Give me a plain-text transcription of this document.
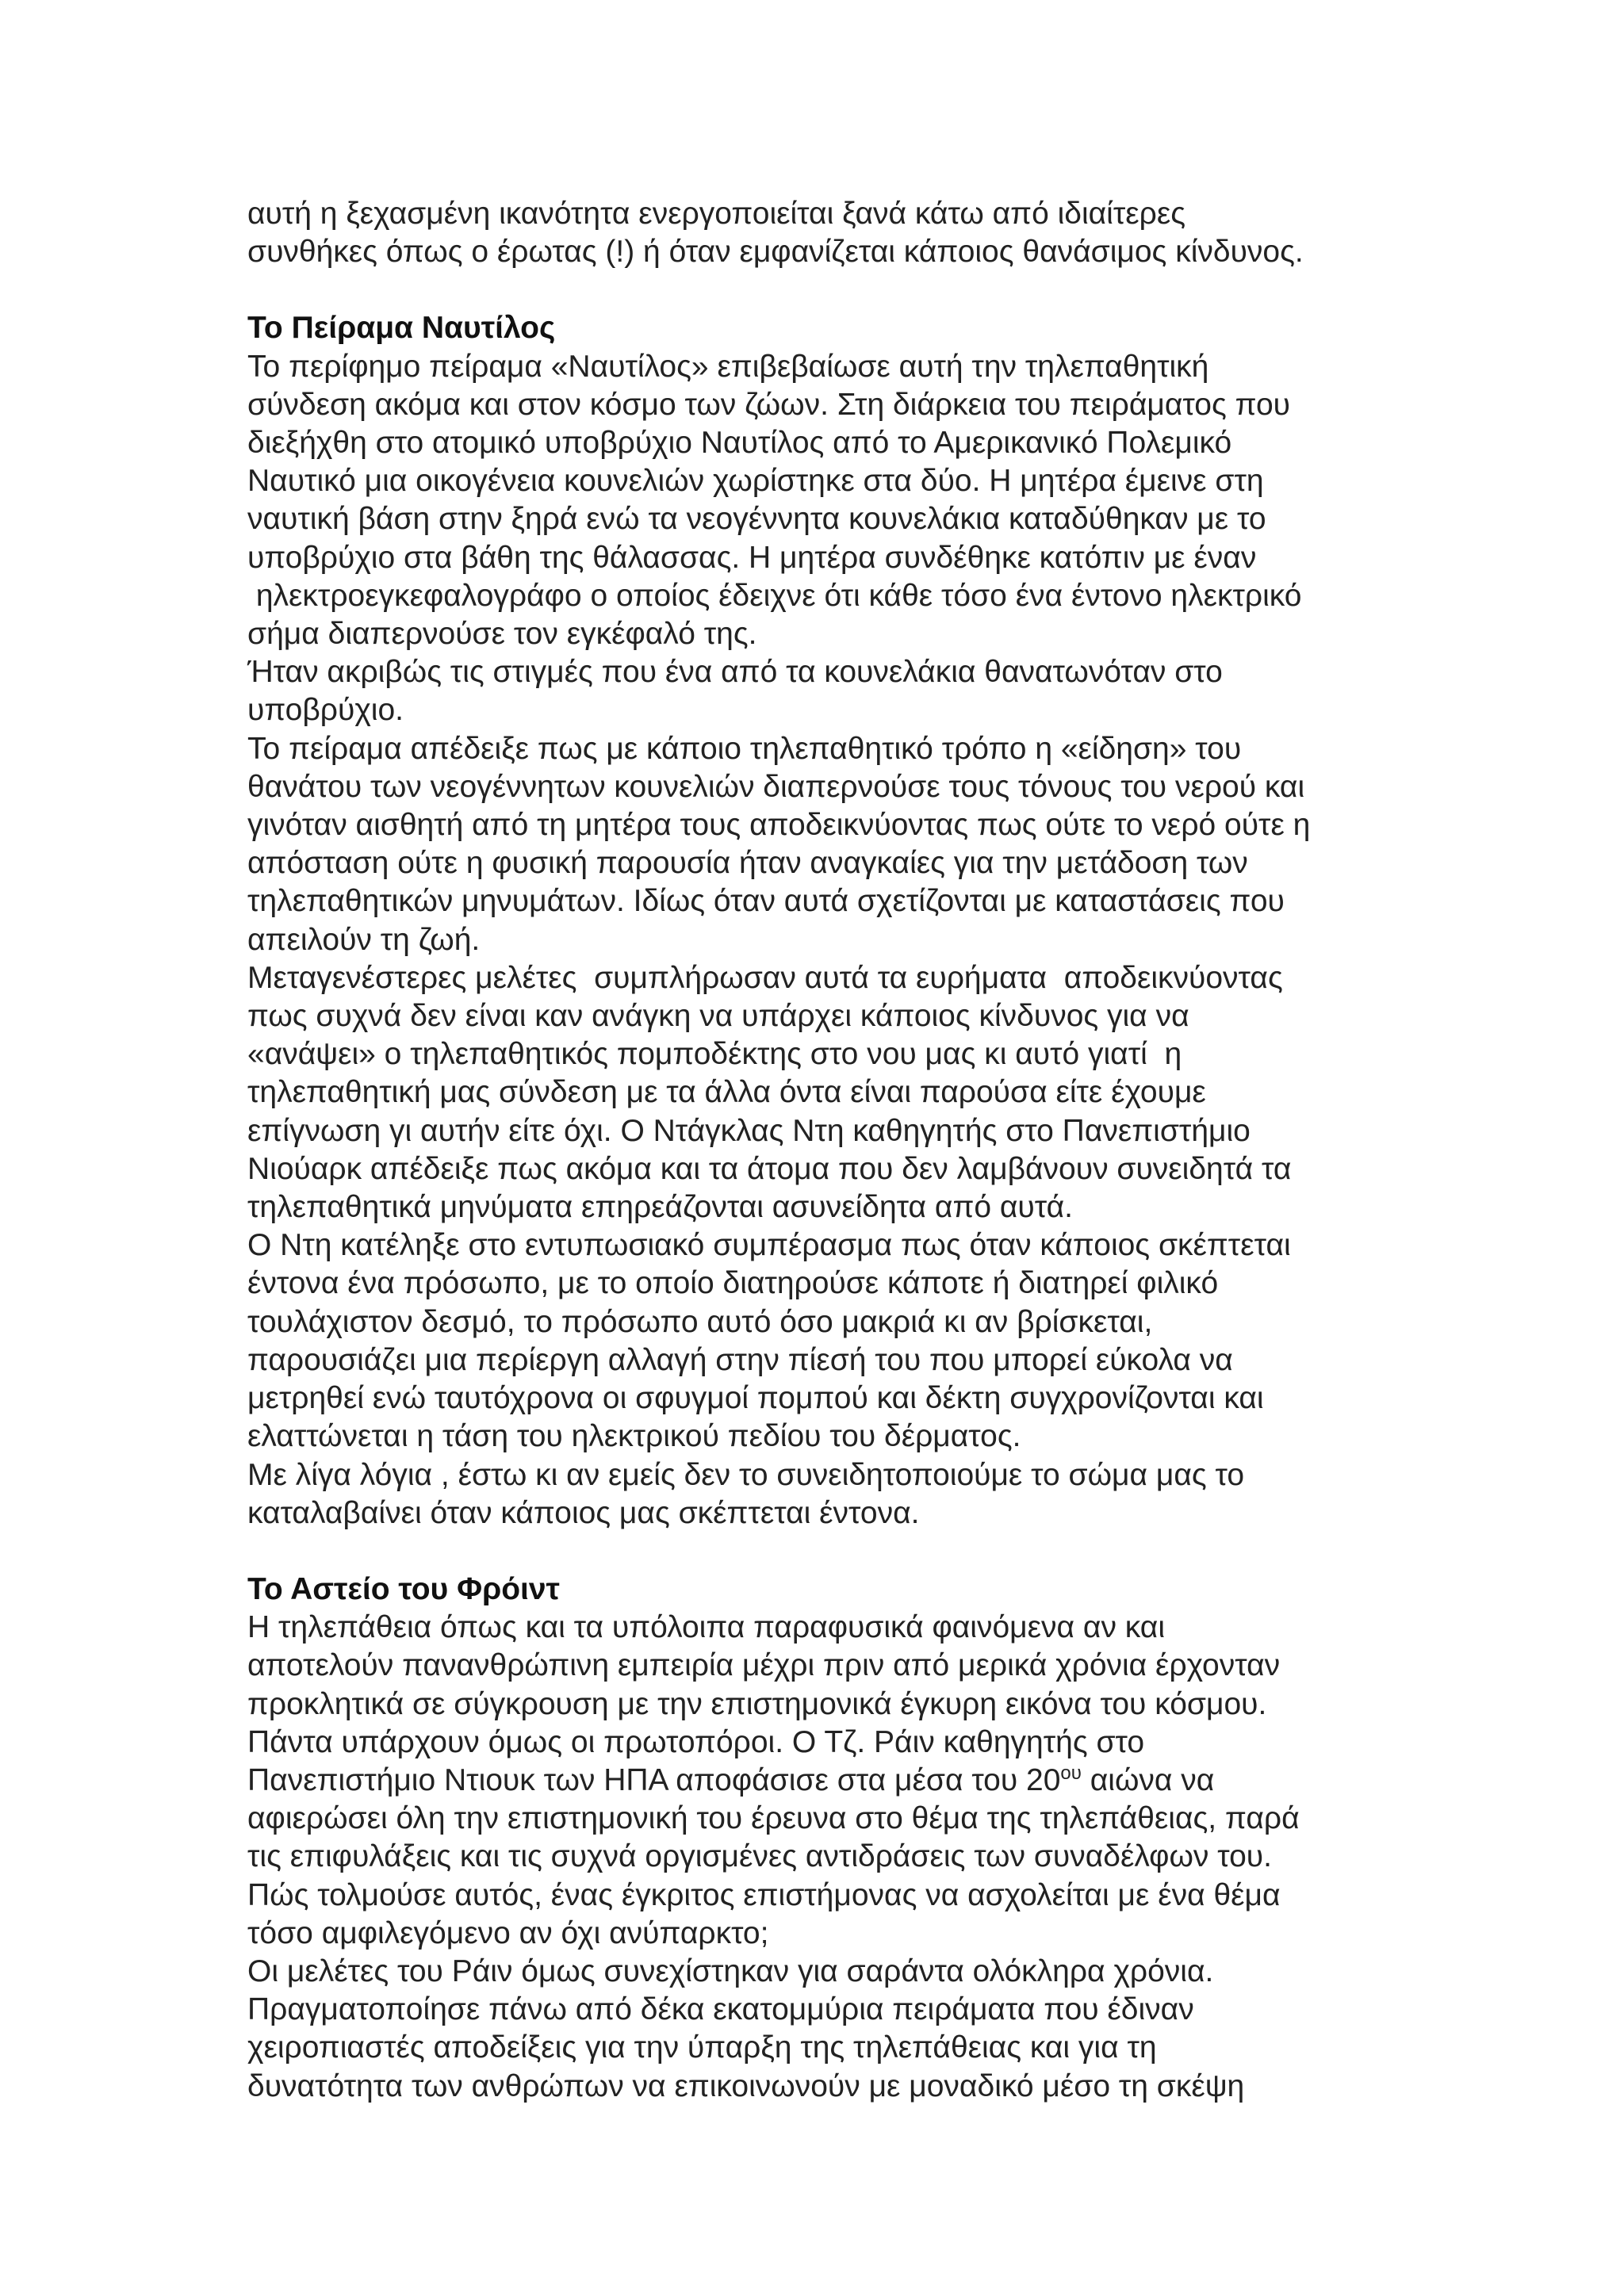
αυτή η ξεχασμένη ικανότητα ενεργοποιείται ξανά κάτω από ιδιαίτερες
συνθήκες όπως ο έρωτας (!) ή όταν εμφανίζεται κάποιος θανάσιμος κίνδυνος.
Το Πείραμα Ναυτίλος
Το περίφημο πείραμα «Ναυτίλος» επιβεβαίωσε αυτή την τηλεπαθητική
σύνδεση ακόμα και στον κόσμο των ζώων. Στη διάρκεια του πειράματος που
διεξήχθη στο ατομικό υποβρύχιο Ναυτίλος από το Αμερικανικό Πολεμικό
Ναυτικό μια οικογένεια κουνελιών χωρίστηκε στα δύο. Η μητέρα έμεινε στη
ναυτική βάση στην ξηρά ενώ τα νεογέννητα κουνελάκια καταδύθηκαν με το
υποβρύχιο στα βάθη της θάλασσας. Η μητέρα συνδέθηκε κατόπιν με έναν
ηλεκτροεγκεφαλογράφο ο οποίος έδειχνε ότι κάθε τόσο ένα έντονο ηλεκτρικό
σήμα διαπερνούσε τον εγκέφαλό της.
Ήταν ακριβώς τις στιγμές που ένα από τα κουνελάκια θανατωνόταν στο
υποβρύχιο.
Το πείραμα απέδειξε πως με κάποιο τηλεπαθητικό τρόπο η «είδηση» του
θανάτου των νεογέννητων κουνελιών διαπερνούσε τους τόνους του νερού και
γινόταν αισθητή από τη μητέρα τους αποδεικνύοντας πως ούτε το νερό ούτε η
απόσταση ούτε η φυσική παρουσία ήταν αναγκαίες για την μετάδοση των
τηλεπαθητικών μηνυμάτων. Ιδίως όταν αυτά σχετίζονται με καταστάσεις που
απειλούν τη ζωή.
Μεταγενέστερες μελέτες  συμπλήρωσαν αυτά τα ευρήματα  αποδεικνύοντας
πως συχνά δεν είναι καν ανάγκη να υπάρχει κάποιος κίνδυνος για να
«ανάψει» ο τηλεπαθητικός πομποδέκτης στο νου μας κι αυτό γιατί  η
τηλεπαθητική μας σύνδεση με τα άλλα όντα είναι παρούσα είτε έχουμε
επίγνωση γι αυτήν είτε όχι. Ο Ντάγκλας Ντη καθηγητής στο Πανεπιστήμιο
Νιούαρκ απέδειξε πως ακόμα και τα άτομα που δεν λαμβάνουν συνειδητά τα
τηλεπαθητικά μηνύματα επηρεάζονται ασυνείδητα από αυτά.
Ο Ντη κατέληξε στο εντυπωσιακό συμπέρασμα πως όταν κάποιος σκέπτεται
έντονα ένα πρόσωπο, με το οποίο διατηρούσε κάποτε ή διατηρεί φιλικό
τουλάχιστον δεσμό, το πρόσωπο αυτό όσο μακριά κι αν βρίσκεται,
παρουσιάζει μια περίεργη αλλαγή στην πίεσή του που μπορεί εύκολα να
μετρηθεί ενώ ταυτόχρονα οι σφυγμοί πομπού και δέκτη συγχρονίζονται και
ελαττώνεται η τάση του ηλεκτρικού πεδίου του δέρματος.
Με λίγα λόγια , έστω κι αν εμείς δεν το συνειδητοποιούμε το σώμα μας το
καταλαβαίνει όταν κάποιος μας σκέπτεται έντονα.
Το Αστείο του Φρόιντ
Η τηλεπάθεια όπως και τα υπόλοιπα παραφυσικά φαινόμενα αν και
αποτελούν πανανθρώπινη εμπειρία μέχρι πριν από μερικά χρόνια έρχονταν
προκλητικά σε σύγκρουση με την επιστημονικά έγκυρη εικόνα του κόσμου.
Πάντα υπάρχουν όμως οι πρωτοπόροι. Ο Τζ. Ράιν καθηγητής στο
Πανεπιστήμιο Ντιουκ των ΗΠΑ αποφάσισε στα μέσα του $20^{o\upsilon}$ αιώνα να
αφιερώσει όλη την επιστημονική του έρευνα στο θέμα της τηλεπάθειας, παρά
τις επιφυλάξεις και τις συχνά οργισμένες αντιδράσεις των συναδέλφων του.
Πώς τολμούσε αυτός, ένας έγκριτος επιστήμονας να ασχολείται με ένα θέμα
τόσο αμφιλεγόμενο αν όχι ανύπαρκτο;
Οι μελέτες του Ράιν όμως συνεχίστηκαν για σαράντα ολόκληρα χρόνια.
Πραγματοποίησε πάνω από δέκα εκατομμύρια πειράματα που έδιναν
χειροπιαστές αποδείξεις για την ύπαρξη της τηλεπάθειας και για τη
δυνατότητα των ανθρώπων να επικοινωνούν με μοναδικό μέσο τη σκέψη
